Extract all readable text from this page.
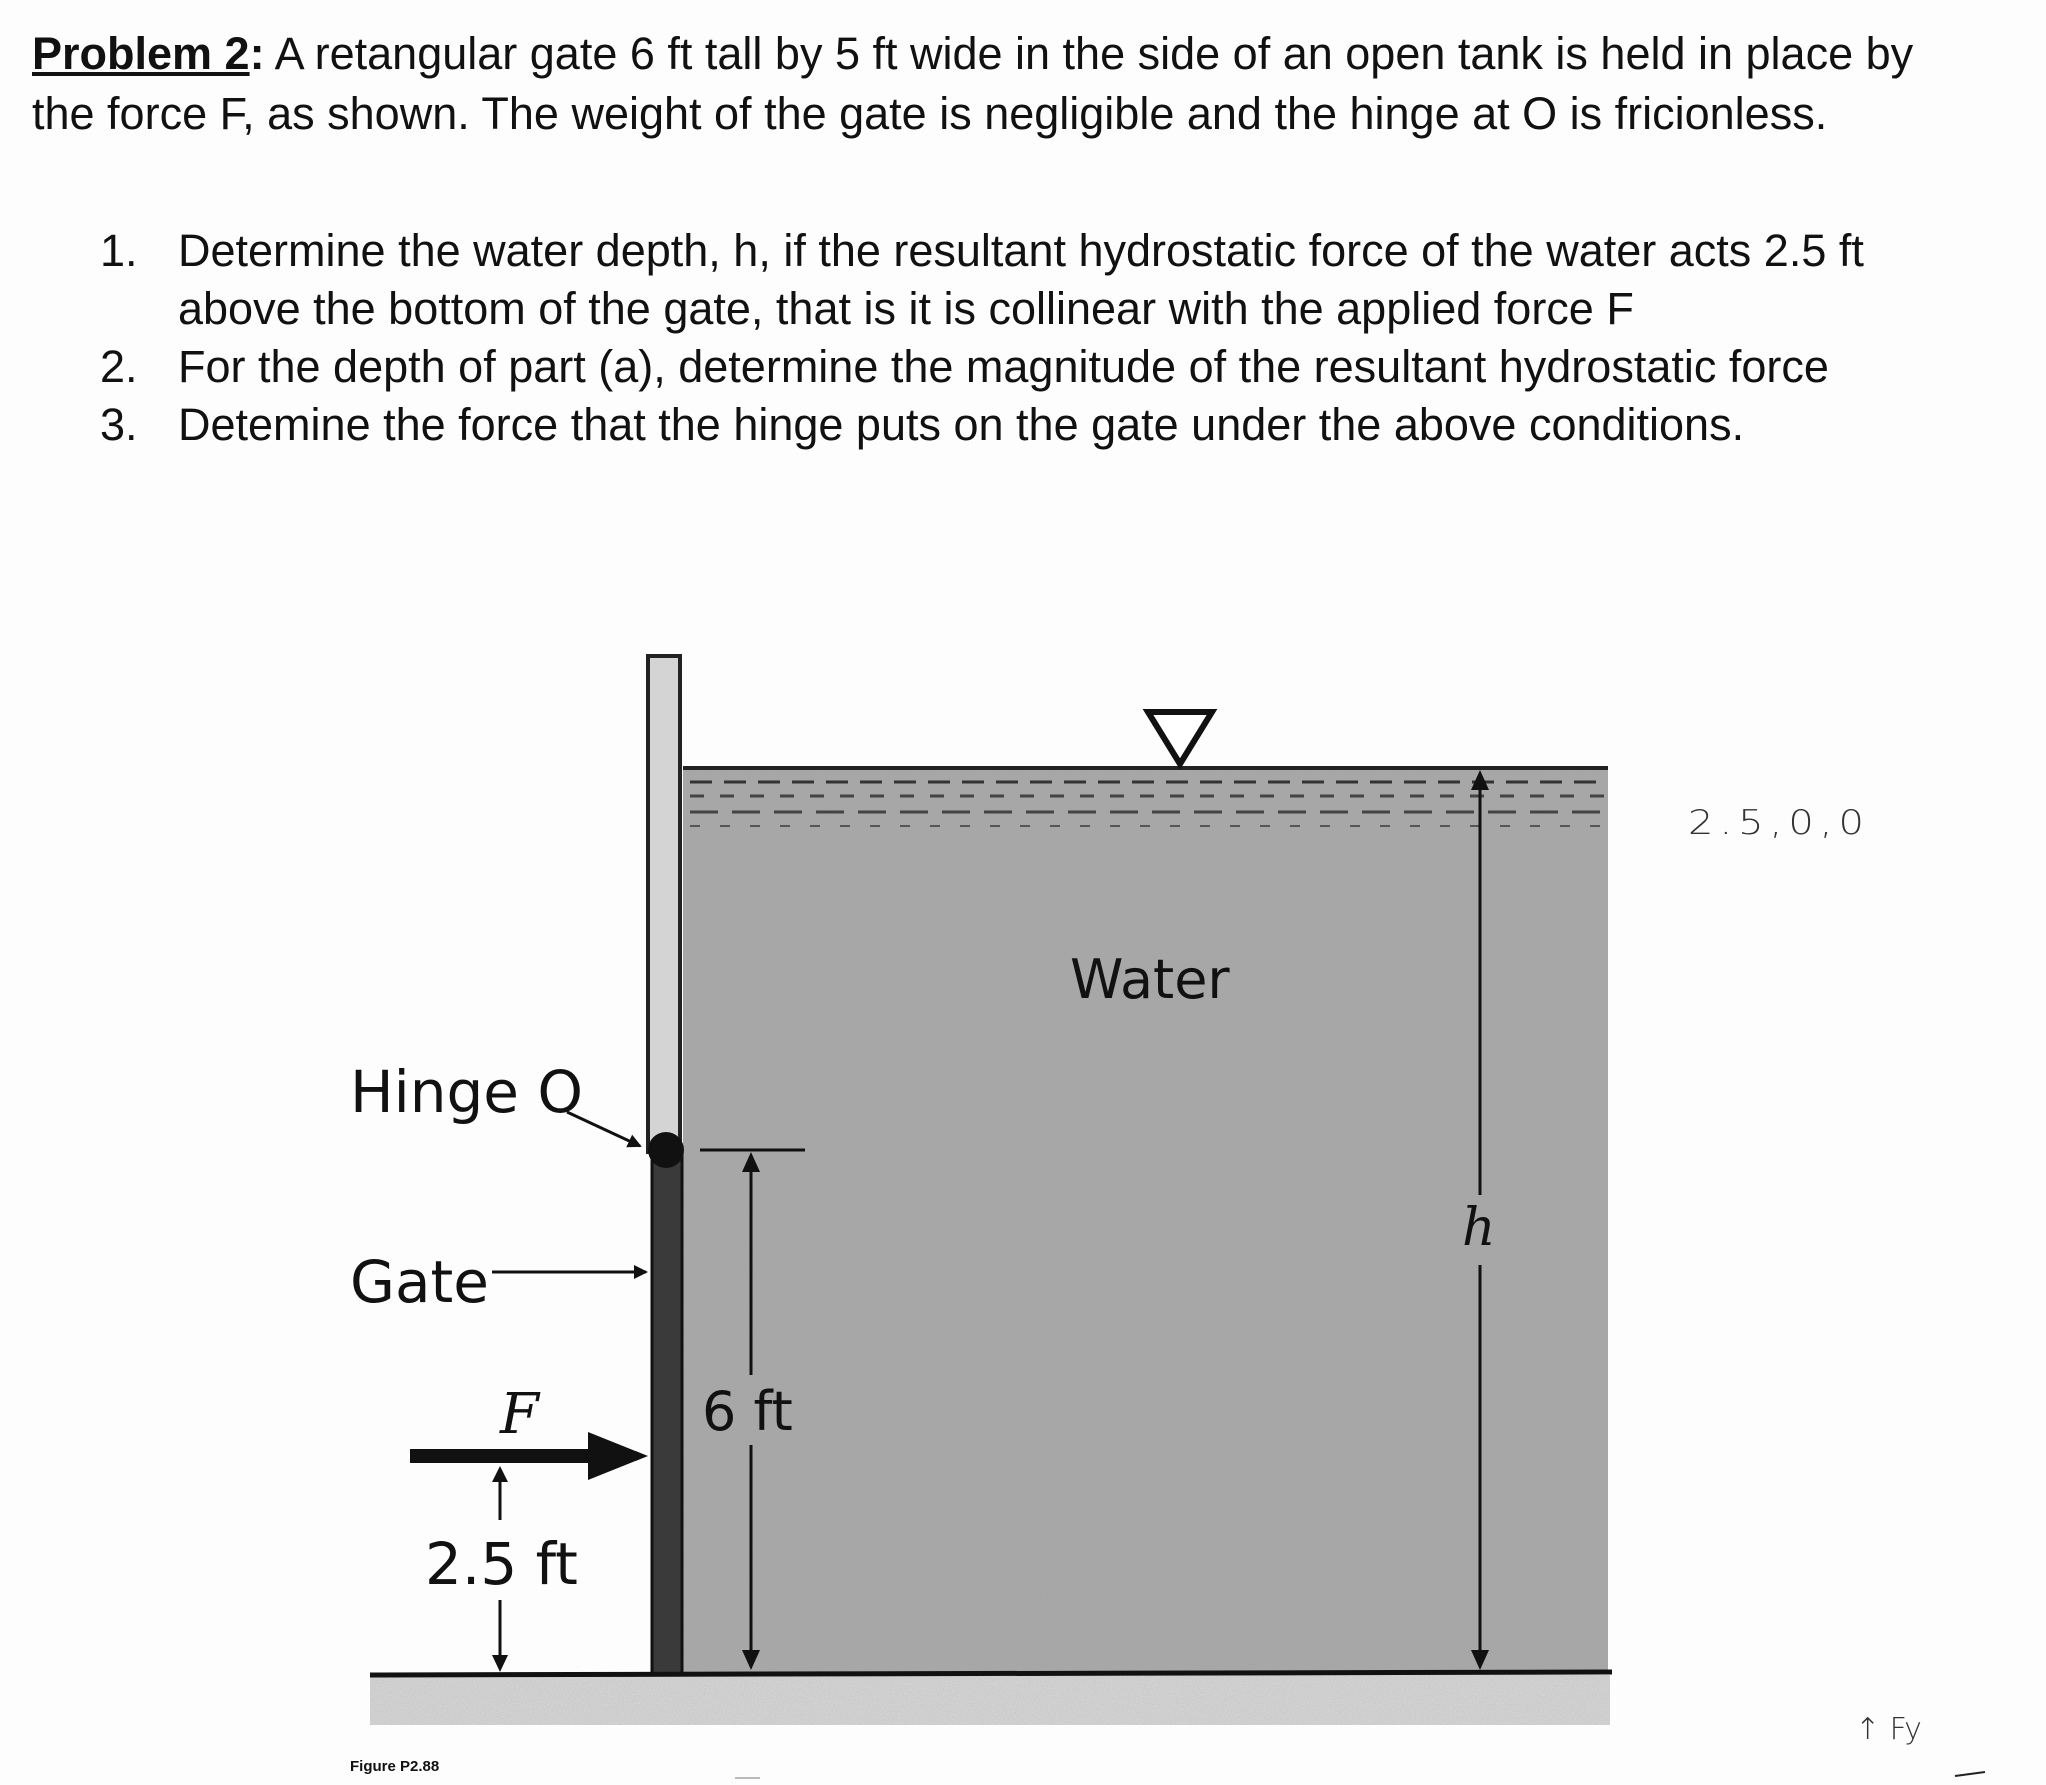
Problem 2: A retangular gate 6 ft tall by 5 ft wide in the side of an open tank is held in place by the force F, as shown. The weight of the gate is negligible and the hinge at O is fricionless.
1. Determine the water depth, h, if the resultant hydrostatic force of the water acts 2.5 ft above the bottom of the gate, that is it is collinear with the applied force F
2. For the depth of part (a), determine the magnitude of the resultant hydrostatic force
3. Detemine the force that the hinge puts on the gate under the above conditions.
Water
Hinge O
Gate
F
2.5 ft
6 ft
h
Figure P2.88
2.5,0,0
↑ Fy
